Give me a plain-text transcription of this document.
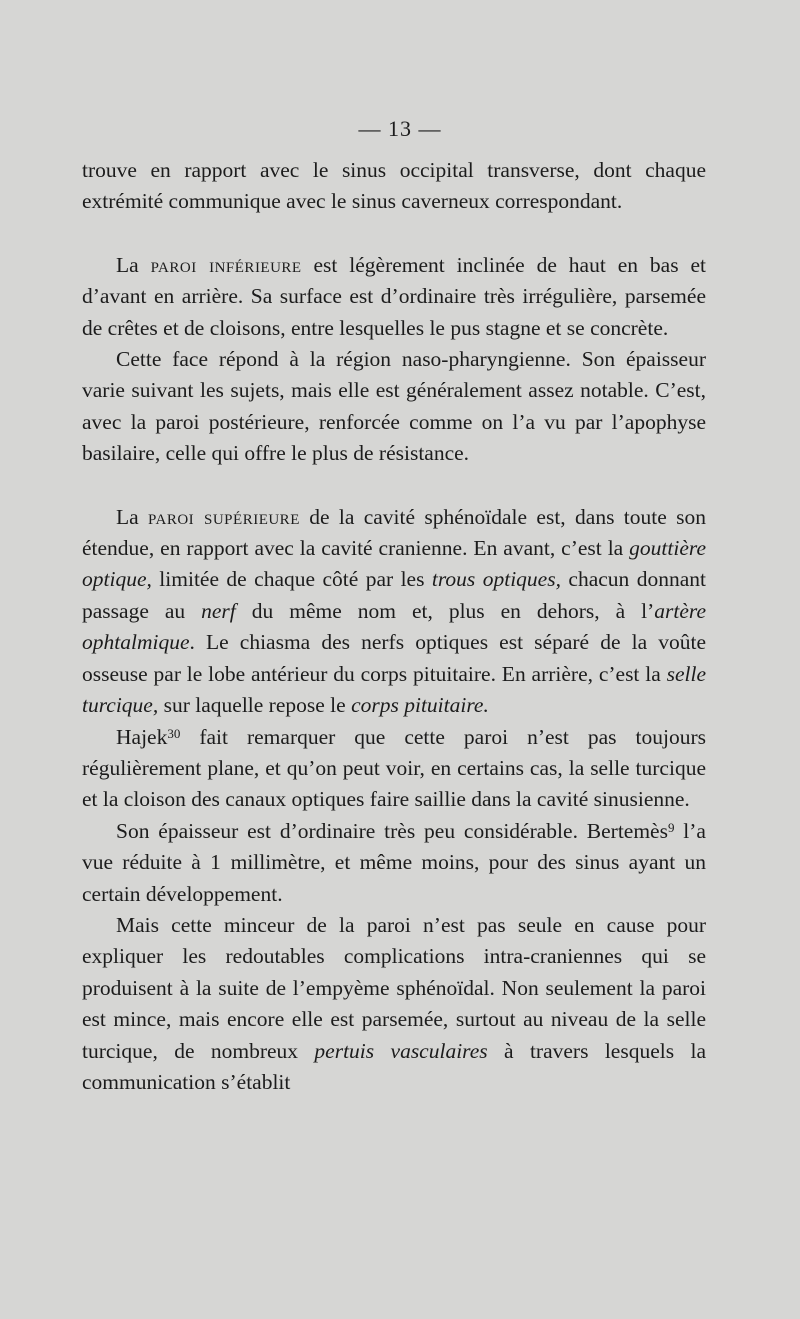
— 13 —

trouve en rapport avec le sinus occipital transverse, dont chaque extrémité communique avec le sinus caverneux correspondant.

La paroi inférieure est légèrement inclinée de haut en bas et d’avant en arrière. Sa surface est d’ordinaire très irrégulière, parsemée de crêtes et de cloisons, entre lesquelles le pus stagne et se concrète.

Cette face répond à la région naso-pharyngienne. Son épaisseur varie suivant les sujets, mais elle est généralement assez notable. C’est, avec la paroi postérieure, renforcée comme on l’a vu par l’apophyse basilaire, celle qui offre le plus de résistance.

La paroi supérieure de la cavité sphénoïdale est, dans toute son étendue, en rapport avec la cavité cranienne. En avant, c’est la gouttière optique, limitée de chaque côté par les trous optiques, chacun donnant passage au nerf du même nom et, plus en dehors, à l’artère ophtalmique. Le chiasma des nerfs optiques est séparé de la voûte osseuse par le lobe antérieur du corps pituitaire. En arrière, c’est la selle turcique, sur laquelle repose le corps pituitaire.

Hajek$^{30}$ fait remarquer que cette paroi n’est pas toujours régulièrement plane, et qu’on peut voir, en certains cas, la selle turcique et la cloison des canaux optiques faire saillie dans la cavité sinusienne.

Son épaisseur est d’ordinaire très peu considérable. Bertemès$^9$ l’a vue réduite à 1 millimètre, et même moins, pour des sinus ayant un certain développement.

Mais cette minceur de la paroi n’est pas seule en cause pour expliquer les redoutables complications intra-craniennes qui se produisent à la suite de l’empyème sphénoïdal. Non seulement la paroi est mince, mais encore elle est parsemée, surtout au niveau de la selle turcique, de nombreux pertuis vasculaires à travers lesquels la communication s’établit
